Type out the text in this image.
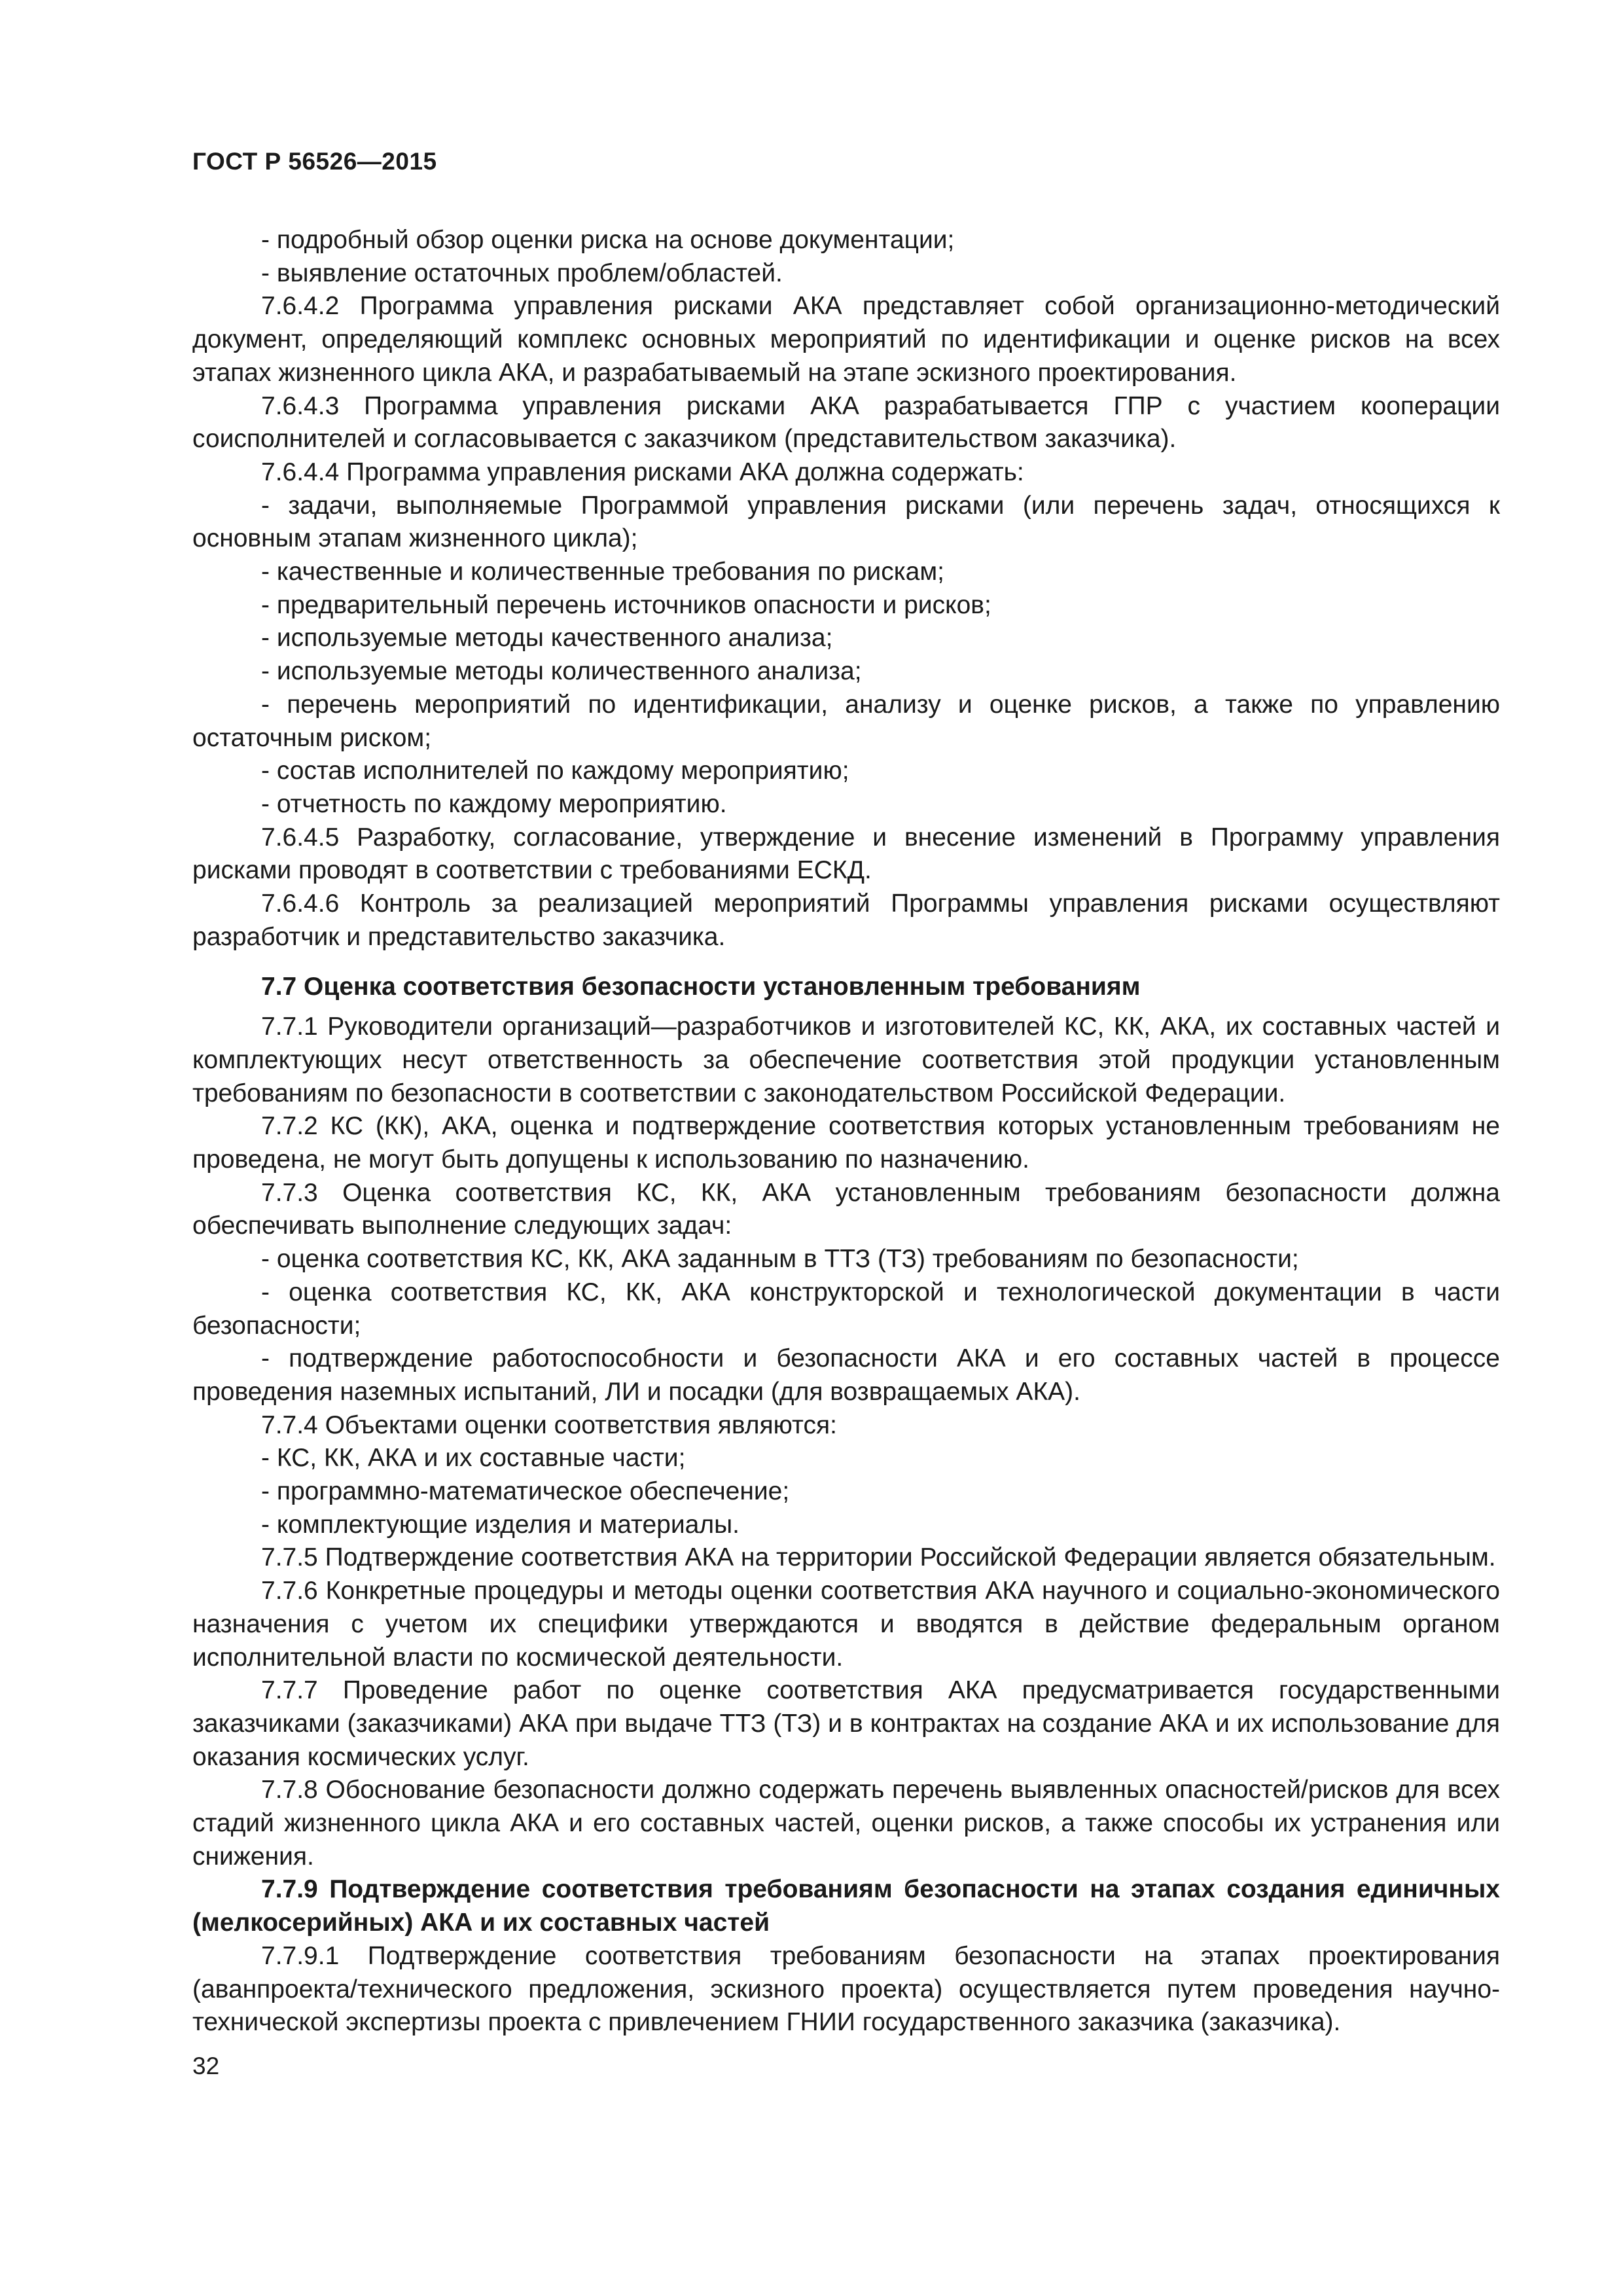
ГОСТ Р 56526—2015

- подробный обзор оценки риска на основе документации;

- выявление остаточных проблем/областей.

7.6.4.2 Программа управления рисками АКА представляет собой организационно-методический документ, определяющий комплекс основных мероприятий по идентификации и оценке рисков на всех этапах жизненного цикла АКА, и разрабатываемый на этапе эскизного проектирования.

7.6.4.3 Программа управления рисками АКА разрабатывается ГПР с участием кооперации соисполнителей и согласовывается с заказчиком (представительством заказчика).

7.6.4.4 Программа управления рисками АКА должна содержать:

- задачи, выполняемые Программой управления рисками (или перечень задач, относящихся к основным этапам жизненного цикла);

- качественные и количественные требования по рискам;

- предварительный перечень источников опасности и рисков;

- используемые методы качественного анализа;

- используемые методы количественного анализа;

- перечень мероприятий по идентификации, анализу и оценке рисков, а также по управлению остаточным риском;

- состав исполнителей по каждому мероприятию;

- отчетность по каждому мероприятию.

7.6.4.5 Разработку, согласование, утверждение и внесение изменений в Программу управления рисками проводят в соответствии с требованиями ЕСКД.

7.6.4.6 Контроль за реализацией мероприятий Программы управления рисками осуществляют разработчик и представительство заказчика.

7.7 Оценка соответствия безопасности установленным требованиям

7.7.1 Руководители организаций—разработчиков и изготовителей КС, КК, АКА, их составных частей и комплектующих несут ответственность за обеспечение соответствия этой продукции установленным требованиям по безопасности в соответствии с законодательством Российской Федерации.

7.7.2 КС (КК), АКА, оценка и подтверждение соответствия которых установленным требованиям не проведена, не могут быть допущены к использованию по назначению.

7.7.3 Оценка соответствия КС, КК, АКА установленным требованиям безопасности должна обеспечивать выполнение следующих задач:

- оценка соответствия КС, КК, АКА заданным в ТТЗ (ТЗ) требованиям по безопасности;

- оценка соответствия КС, КК, АКА конструкторской и технологической документации в части безопасности;

- подтверждение работоспособности и безопасности АКА и его составных частей в процессе проведения наземных испытаний, ЛИ и посадки (для возвращаемых АКА).

7.7.4 Объектами оценки соответствия являются:

- КС, КК, АКА и их составные части;

- программно-математическое обеспечение;

- комплектующие изделия и материалы.

7.7.5 Подтверждение соответствия АКА на территории Российской Федерации является обязательным.

7.7.6 Конкретные процедуры и методы оценки соответствия АКА научного и социально-экономического назначения с учетом их специфики утверждаются и вводятся в действие федеральным органом исполнительной власти по космической деятельности.

7.7.7 Проведение работ по оценке соответствия АКА предусматривается государственными заказчиками (заказчиками) АКА при выдаче ТТЗ (ТЗ) и в контрактах на создание АКА и их использование для оказания космических услуг.

7.7.8 Обоснование безопасности должно содержать перечень выявленных опасностей/рисков для всех стадий жизненного цикла АКА и его составных частей, оценки рисков, а также способы их устранения или снижения.

7.7.9 Подтверждение соответствия требованиям безопасности на этапах создания единичных (мелкосерийных) АКА и их составных частей

7.7.9.1 Подтверждение соответствия требованиям безопасности на этапах проектирования (аванпроекта/технического предложения, эскизного проекта) осуществляется путем проведения научно-технической экспертизы проекта с привлечением ГНИИ государственного заказчика (заказчика).

32
